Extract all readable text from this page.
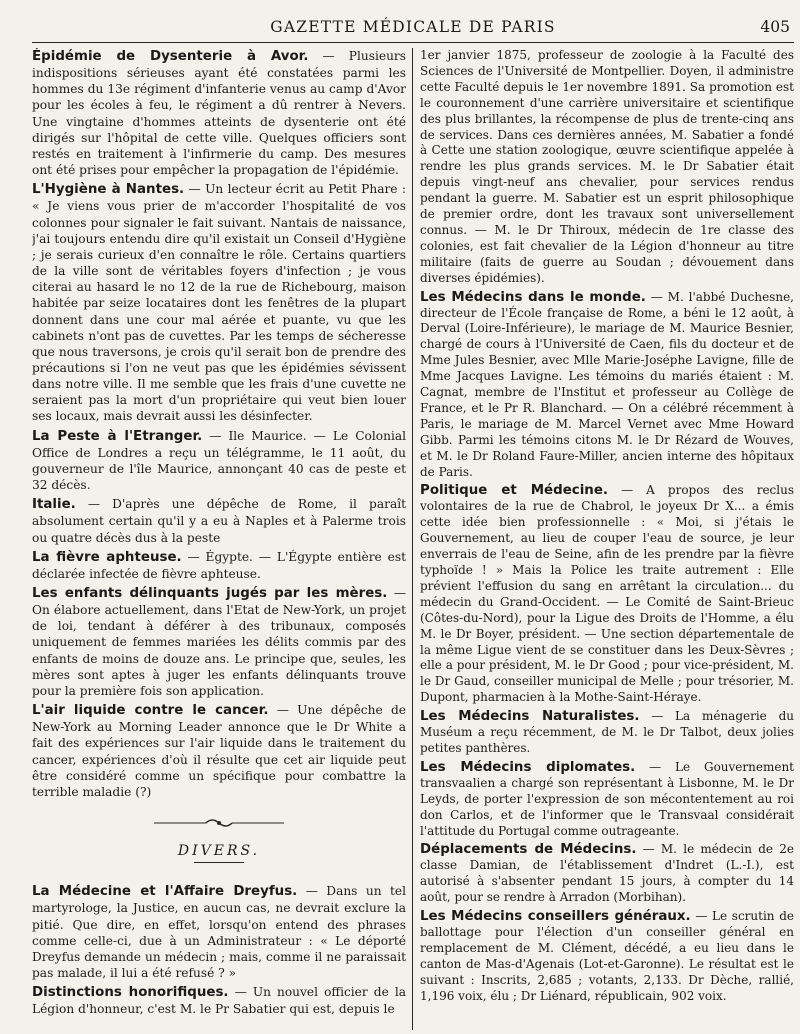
GAZETTE MÉDICALE DE PARIS	405

Épidémie de Dysenterie à Avor. — Plusieurs indispositions sérieuses ayant été constatées parmi les hommes du 13e régiment d'infanterie venus au camp d'Avor pour les écoles à feu, le régiment a dû rentrer à Nevers. Une vingtaine d'hommes atteints de dysenterie ont été dirigés sur l'hôpital de cette ville. Quelques officiers sont restés en traitement à l'infirmerie du camp. Des mesures ont été prises pour empêcher la propagation de l'épidémie.

L'Hygiène à Nantes. — Un lecteur écrit au Petit Phare : « Je viens vous prier de m'accorder l'hospitalité de vos colonnes pour signaler le fait suivant. Nantais de naissance, j'ai toujours entendu dire qu'il existait un Conseil d'Hygiène ; je serais curieux d'en connaître le rôle. Certains quartiers de la ville sont de véritables foyers d'infection ; je vous citerai au hasard le no 12 de la rue de Richebourg, maison habitée par seize locataires dont les fenêtres de la plupart donnent dans une cour mal aérée et puante, vu que les cabinets n'ont pas de cuvettes. Par les temps de sécheresse que nous traversons, je crois qu'il serait bon de prendre des précautions si l'on ne veut pas que les épidémies sévissent dans notre ville. Il me semble que les frais d'une cuvette ne seraient pas la mort d'un propriétaire qui veut bien louer ses locaux, mais devrait aussi les désinfecter.

La Peste à l'Etranger. — Ile Maurice. — Le Colonial Office de Londres a reçu un télégramme, le 11 août, du gouverneur de l'île Maurice, annonçant 40 cas de peste et 32 décès.

Italie. — D'après une dépêche de Rome, il paraît absolument certain qu'il y a eu à Naples et à Palerme trois ou quatre décès dus à la peste

La fièvre aphteuse. — Égypte. — L'Égypte entière est déclarée infectée de fièvre aphteuse.

Les enfants délinquants jugés par les mères. — On élabore actuellement, dans l'Etat de New-York, un projet de loi, tendant à déférer à des tribunaux, composés uniquement de femmes mariées les délits commis par des enfants de moins de douze ans. Le principe que, seules, les mères sont aptes à juger les enfants délinquants trouve pour la première fois son application.

L'air liquide contre le cancer. — Une dépêche de New-York au Morning Leader annonce que le Dr White a fait des expériences sur l'air liquide dans le traitement du cancer, expériences d'où il résulte que cet air liquide peut être considéré comme un spécifique pour combattre la terrible maladie (?)

DIVERS.

La Médecine et l'Affaire Dreyfus. — Dans un tel martyrologe, la Justice, en aucun cas, ne devrait exclure la pitié. Que dire, en effet, lorsqu'on entend des phrases comme celle-ci, due à un Administrateur : « Le déporté Dreyfus demande un médecin ; mais, comme il ne paraissait pas malade, il lui a été refusé ? »

Distinctions honorifiques. — Un nouvel officier de la Légion d'honneur, c'est M. le Pr Sabatier qui est, depuis le

1er janvier 1875, professeur de zoologie à la Faculté des Sciences de l'Université de Montpellier. Doyen, il administre cette Faculté depuis le 1er novembre 1891. Sa promotion est le couronnement d'une carrière universitaire et scientifique des plus brillantes, la récompense de plus de trente-cinq ans de services. Dans ces dernières années, M. Sabatier a fondé à Cette une station zoologique, œuvre scientifique appelée à rendre les plus grands services. M. le Dr Sabatier était depuis vingt-neuf ans chevalier, pour services rendus pendant la guerre. M. Sabatier est un esprit philosophique de premier ordre, dont les travaux sont universellement connus. — M. le Dr Thiroux, médecin de 1re classe des colonies, est fait chevalier de la Légion d'honneur au titre militaire (faits de guerre au Soudan ; dévouement dans diverses épidémies).

Les Médecins dans le monde. — M. l'abbé Duchesne, directeur de l'École française de Rome, a béni le 12 août, à Derval (Loire-Inférieure), le mariage de M. Maurice Besnier, chargé de cours à l'Université de Caen, fils du docteur et de Mme Jules Besnier, avec Mlle Marie-Joséphe Lavigne, fille de Mme Jacques Lavigne. Les témoins du mariés étaient : M. Cagnat, membre de l'Institut et professeur au Collège de France, et le Pr R. Blanchard. — On a célébré récemment à Paris, le mariage de M. Marcel Vernet avec Mme Howard Gibb. Parmi les témoins citons M. le Dr Rézard de Wouves, et M. le Dr Roland Faure-Miller, ancien interne des hôpitaux de Paris.

Politique et Médecine. — A propos des reclus volontaires de la rue de Chabrol, le joyeux Dr X... a émis cette idée bien professionnelle : « Moi, si j'étais le Gouvernement, au lieu de couper l'eau de source, je leur enverrais de l'eau de Seine, afin de les prendre par la fièvre typhoïde ! » Mais la Police les traite autrement : Elle prévient l'effusion du sang en arrêtant la circulation... du médecin du Grand-Occident. — Le Comité de Saint-Brieuc (Côtes-du-Nord), pour la Ligue des Droits de l'Homme, a élu M. le Dr Boyer, président. — Une section départementale de la même Ligue vient de se constituer dans les Deux-Sèvres ; elle a pour président, M. le Dr Good ; pour vice-président, M. le Dr Gaud, conseiller municipal de Melle ; pour trésorier, M. Dupont, pharmacien à la Mothe-Saint-Héraye.

Les Médecins Naturalistes. — La ménagerie du Muséum a reçu récemment, de M. le Dr Talbot, deux jolies petites panthères.

Les Médecins diplomates. — Le Gouvernement transvaalien a chargé son représentant à Lisbonne, M. le Dr Leyds, de porter l'expression de son mécontentement au roi don Carlos, et de l'informer que le Transvaal considérait l'attitude du Portugal comme outrageante.

Déplacements de Médecins. — M. le médecin de 2e classe Damian, de l'établissement d'Indret (L.-I.), est autorisé à s'absenter pendant 15 jours, à compter du 14 août, pour se rendre à Arradon (Morbihan).

Les Médecins conseillers généraux. — Le scrutin de ballottage pour l'élection d'un conseiller général en remplacement de M. Clément, décédé, a eu lieu dans le canton de Mas-d'Agenais (Lot-et-Garonne). Le résultat est le suivant : Inscrits, 2,685 ; votants, 2,133. Dr Dèche, rallié, 1,196 voix, élu ; Dr Liénard, républicain, 902 voix.
